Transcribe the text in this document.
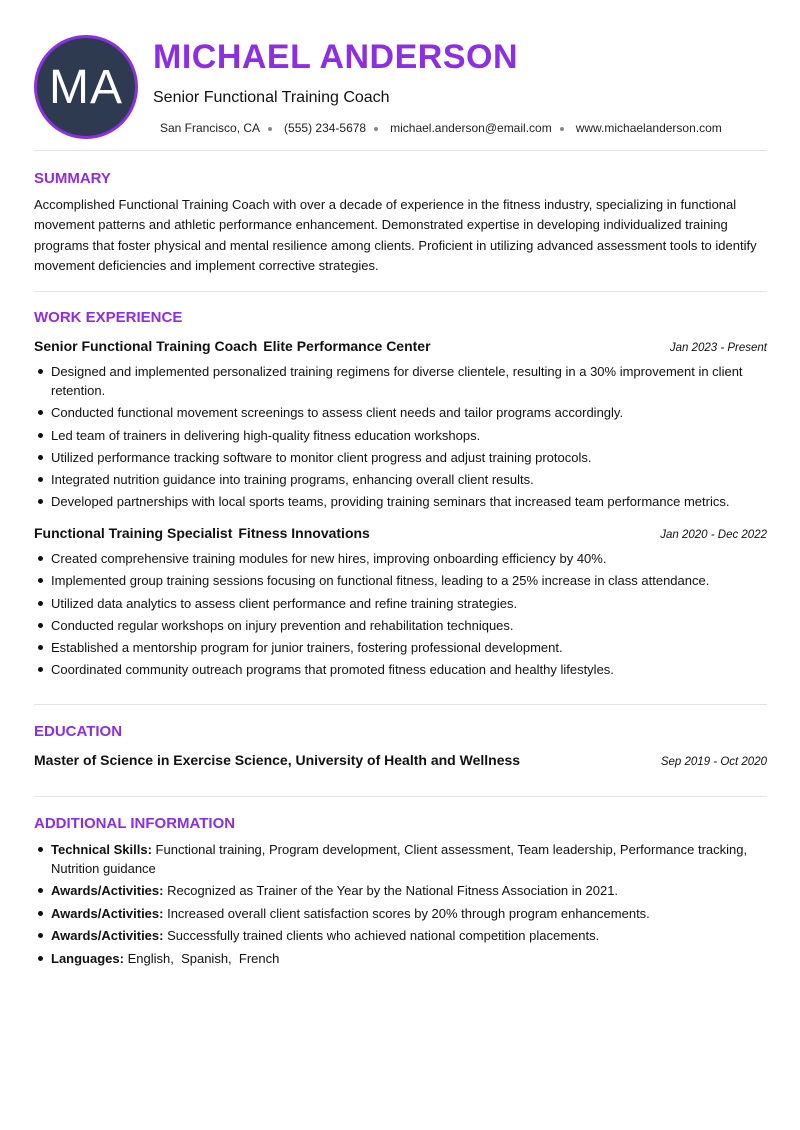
MA
MICHAEL ANDERSON
Senior Functional Training Coach
San Francisco, CA (555) 234-5678 michael.anderson@email.com www.michaelanderson.com
SUMMARY

Accomplished Functional Training Coach with over a decade of experience in the fitness industry, specializing in functional movement patterns and athletic performance enhancement. Demonstrated expertise in developing individualized training programs that foster physical and mental resilience among clients. Proficient in utilizing advanced assessment tools to identify movement deficiencies and implement corrective strategies.

WORK EXPERIENCE
Senior Functional Training Coach Elite Performance Center	Jan 2023 - Present
Designed and implemented personalized training regimens for diverse clientele, resulting in a 30% improvement in client retention.
Conducted functional movement screenings to assess client needs and tailor programs accordingly.
Led team of trainers in delivering high-quality fitness education workshops.
Utilized performance tracking software to monitor client progress and adjust training protocols.
Integrated nutrition guidance into training programs, enhancing overall client results.
Developed partnerships with local sports teams, providing training seminars that increased team performance metrics.
Functional Training Specialist Fitness Innovations	Jan 2020 - Dec 2022
Created comprehensive training modules for new hires, improving onboarding efficiency by 40%.
Implemented group training sessions focusing on functional fitness, leading to a 25% increase in class attendance.
Utilized data analytics to assess client performance and refine training strategies.
Conducted regular workshops on injury prevention and rehabilitation techniques.
Established a mentorship program for junior trainers, fostering professional development.
Coordinated community outreach programs that promoted fitness education and healthy lifestyles.
EDUCATION
Master of Science in Exercise Science, University of Health and Wellness	Sep 2019 - Oct 2020
ADDITIONAL INFORMATION
Technical Skills: Functional training, Program development, Client assessment, Team leadership, Performance tracking, Nutrition guidance
Awards/Activities: Recognized as Trainer of the Year by the National Fitness Association in 2021.
Awards/Activities: Increased overall client satisfaction scores by 20% through program enhancements.
Awards/Activities: Successfully trained clients who achieved national competition placements.
Languages: English,  Spanish,  French
